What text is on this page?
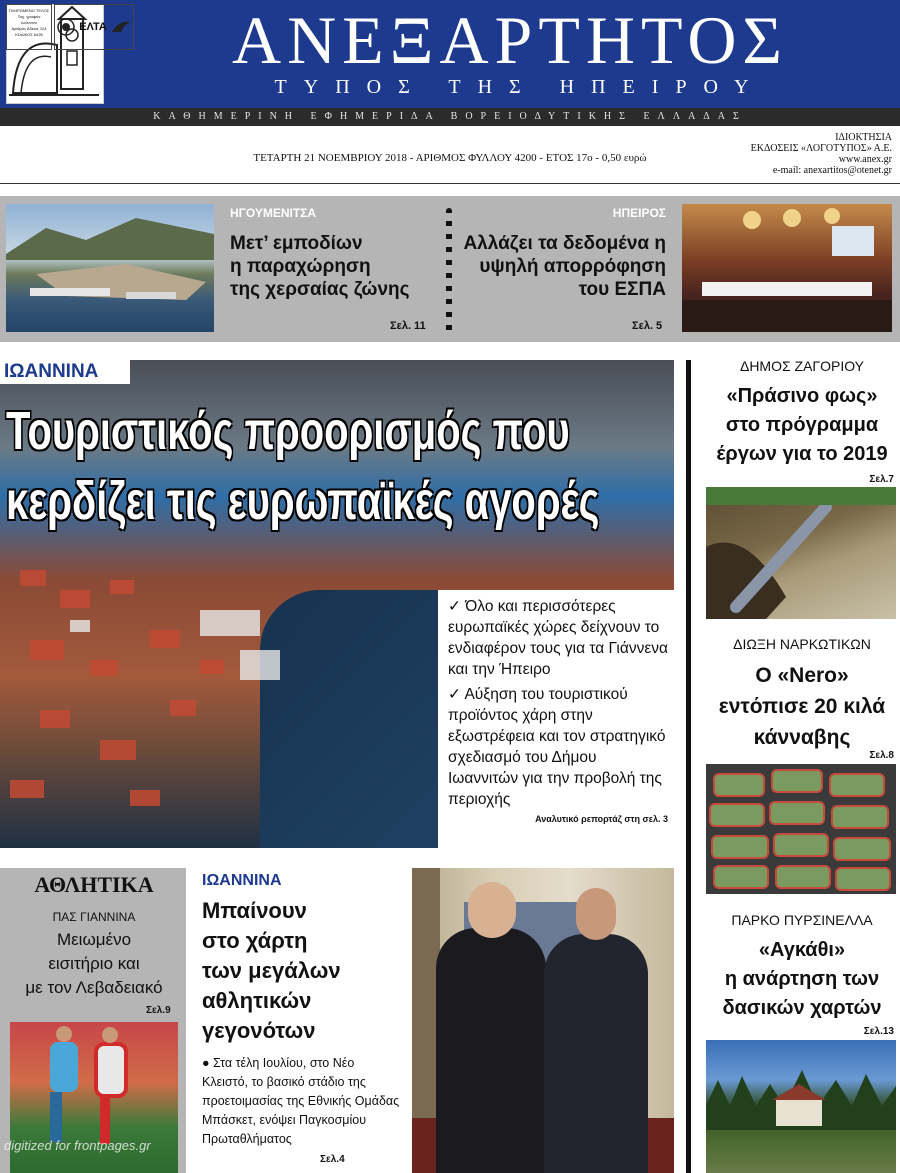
ΑΝΕΞΑΡΤΗΤΟΣ
ΤΥΠΟΣ ΤΗΣ ΗΠΕΙΡΟΥ
ΚΑΘΗΜΕΡΙΝΗ ΕΦΗΜΕΡΙΔΑ ΒΟΡΕΙΟΔΥΤΙΚΗΣ ΕΛΛΑΔΑΣ
ΠΛΗΡΩΜΕΝΟ ΤΕΛΟΣ
Ταχ. γραφείο
Ιωάννινα
Αριθμός Άδειας 124
ΚΩΔΙΚΟΣ 6426
ΕΛΤΑ
ΤΕΤΑΡΤΗ 21 ΝΟΕΜΒΡΙΟΥ 2018 - ΑΡΙΘΜΟΣ ΦΥΛΛΟΥ 4200 - ΕΤΟΣ 17ο - 0,50 ευρώ
ΙΔΙΟΚΤΗΣΙΑ
ΕΚΔΟΣΕΙΣ «ΛΟΓΟΤΥΠΟΣ» Α.Ε.
www.anex.gr
e-mail: anexartitos@otenet.gr
ΗΓΟΥΜΕΝΙΤΣΑ
Μετ’ εμποδίων
η παραχώρηση
της χερσαίας ζώνης
Σελ. 11
ΗΠΕΙΡΟΣ
Αλλάζει τα δεδομένα η
υψηλή απορρόφηση
του ΕΣΠΑ
Σελ. 5
ΙΩΑΝΝΙΝΑ
Τουριστικός προορισμός που
κερδίζει τις ευρωπαϊκές αγορές
✓ Όλο και περισσότερες ευρωπαϊκές χώρες δείχνουν το ενδιαφέρον τους για τα Γιάννενα και την Ήπειρο
✓ Αύξηση του τουριστικού προϊόντος χάρη στην εξωστρέφεια και τον στρατηγικό σχεδιασμό του Δήμου Ιωαννιτών για την προβολή της περιοχής
Αναλυτικό ρεπορτάζ στη σελ. 3
ΔΗΜΟΣ ΖΑΓΟΡΙΟΥ
«Πράσινο φως»
στο πρόγραμμα
έργων για το 2019
Σελ.7
ΔΙΩΞΗ ΝΑΡΚΩΤΙΚΩΝ
Ο «Nero»
εντόπισε 20 κιλά
κάνναβης
Σελ.8
ΠΑΡΚΟ ΠΥΡΣΙΝΕΛΛΑ
«Αγκάθι»
η ανάρτηση των
δασικών χαρτών
Σελ.13
ΑΘΛΗΤΙΚΑ
ΠΑΣ ΓΙΑΝΝΙΝΑ
Μειωμένο
εισιτήριο και
με τον Λεβαδειακό
Σελ.9
digitized for frontpages.gr
ΙΩΑΝΝΙΝΑ
Μπαίνουν
στο χάρτη
των μεγάλων
αθλητικών
γεγονότων
● Στα τέλη Ιουλίου, στο Νέο Κλειστό, το βασικό στάδιο της προετοιμασίας της Εθνικής Ομάδας Μπάσκετ, ενόψει Παγκοσμίου Πρωταθλήματος
Σελ.4
